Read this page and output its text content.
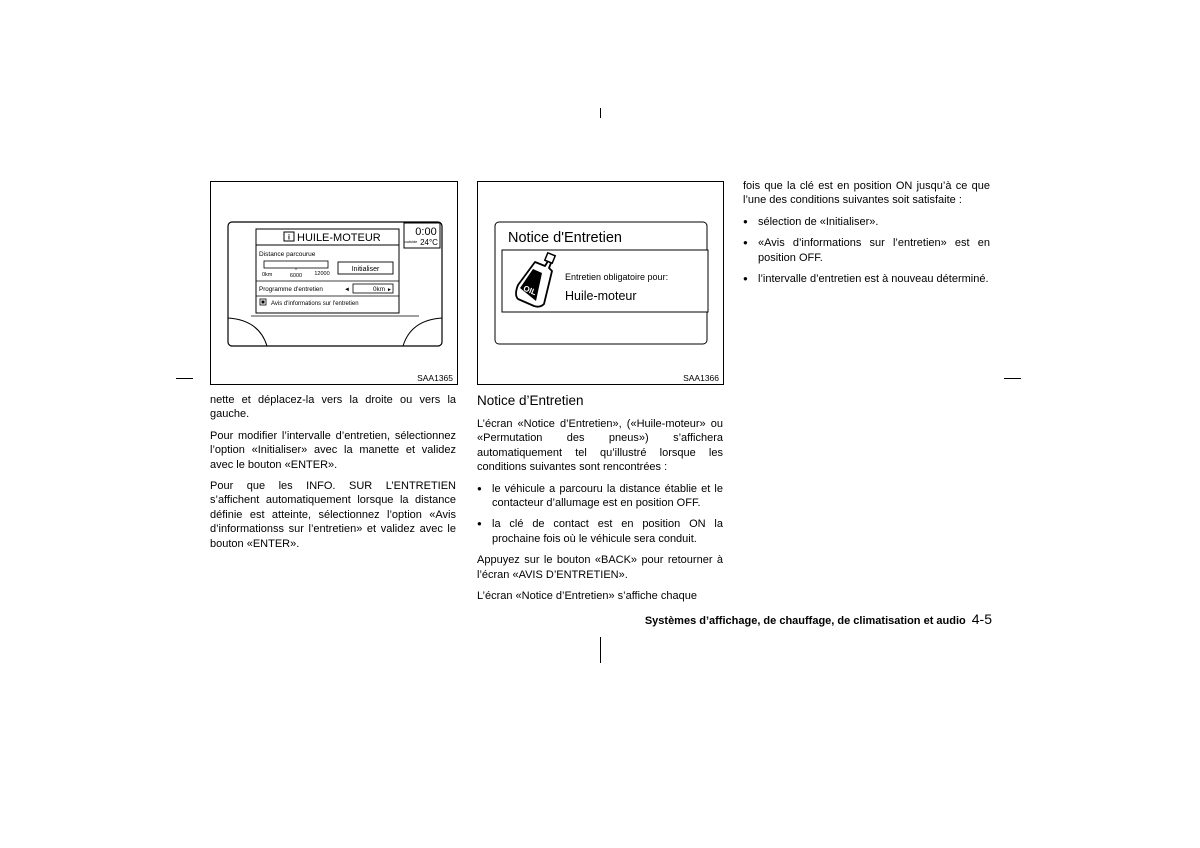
i HUILE-MOTEUR	0:00
outside 24°C
Distance parcourue
0km	6000 12000
Initialiser
Programme d'entretien	◄	0km ►
Avis d'informations sur l'entretien
SAA1365
Notice d'Entretien
OIL
Entretien obligatoire pour:
Huile-moteur
SAA1366

nette et déplacez-la vers la droite ou vers la gauche.

Pour modifier l’intervalle d’entretien, sélectionnez l’option «Initialiser» avec la manette et validez avec le bouton «ENTER».

Pour que les INFO. SUR L’ENTRETIEN s’affichent automatiquement lorsque la distance définie est atteinte, sélectionnez l’option «Avis d’informationss sur l’entretien» et validez avec le bouton «ENTER».

Notice d’Entretien

L’écran «Notice d’Entretien», («Huile-moteur» ou «Permutation des pneus») s’affichera automatiquement tel qu’illustré lorsque les conditions suivantes sont rencontrées :

● le véhicule a parcouru la distance établie et le contacteur d’allumage est en position OFF.
● la clé de contact est en position ON la prochaine fois où le véhicule sera conduit.

Appuyez sur le bouton «BACK» pour retourner à l’écran «AVIS D’ENTRETIEN».

L’écran «Notice d’Entretien» s’affiche chaque

fois que la clé est en position ON jusqu’à ce que l’une des conditions suivantes soit satisfaite :

● sélection de «Initialiser».
● «Avis d’informations sur l’entretien» est en position OFF.
● l’intervalle d’entretien est à nouveau déterminé.
Systèmes d’affichage, de chauffage, de climatisation et audio 4-5
